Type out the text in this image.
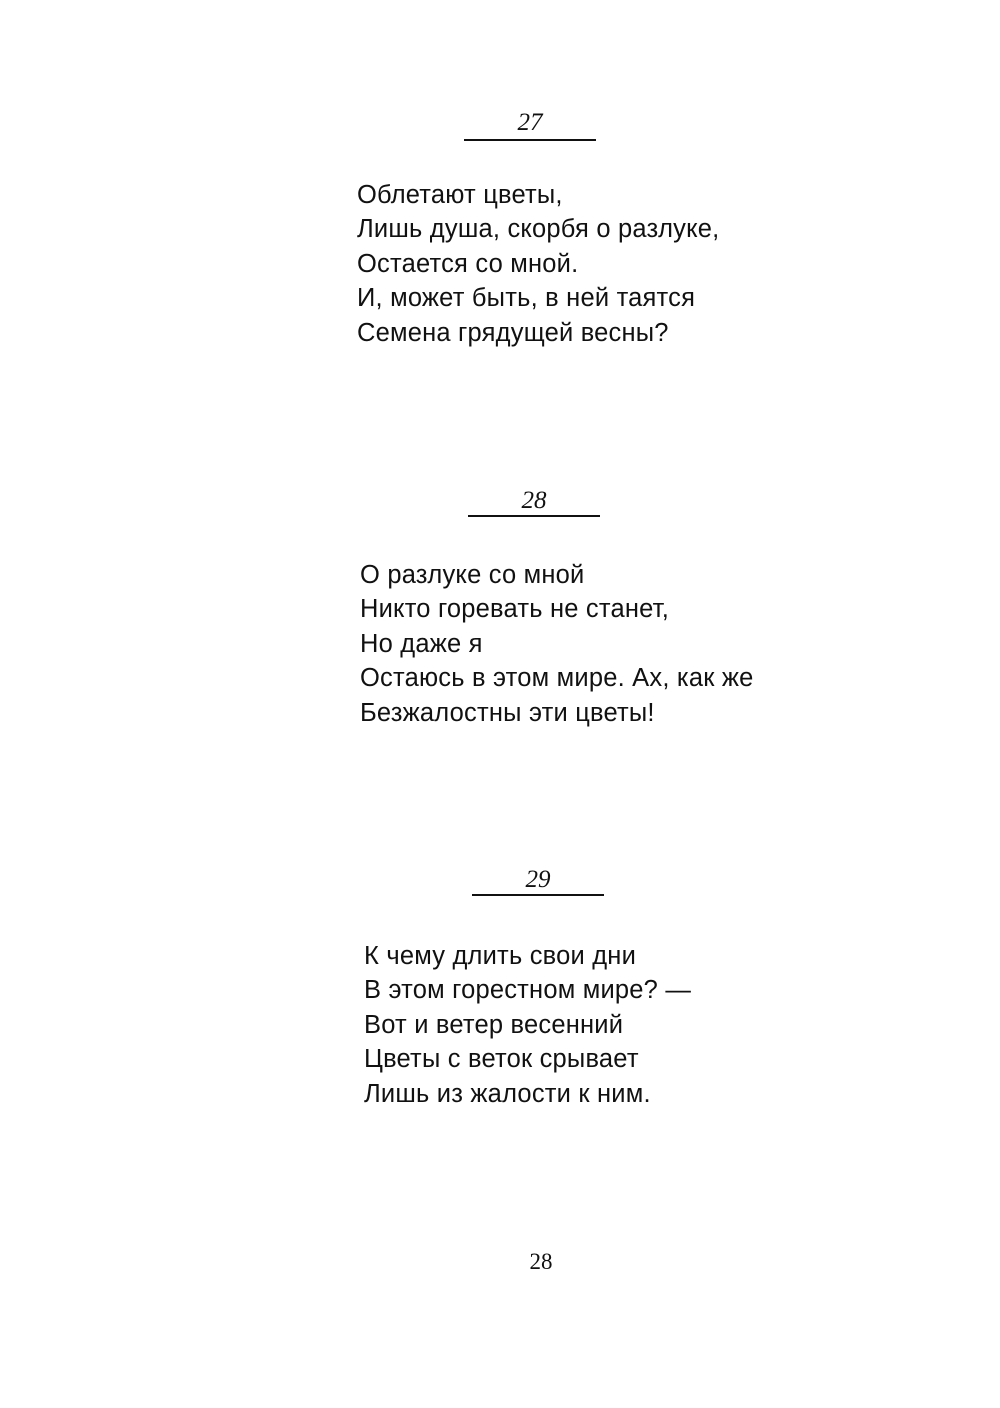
27
Облетают цветы,
Лишь душа, скорбя о разлуке,
Остается со мной.
И, может быть, в ней таятся
Семена грядущей весны?
28
О разлуке со мной
Никто горевать не станет,
Но даже я
Остаюсь в этом мире. Ах, как же
Безжалостны эти цветы!
29
К чему длить свои дни
В этом горестном мире? —
Вот и ветер весенний
Цветы с веток срывает
Лишь из жалости к ним.
28
